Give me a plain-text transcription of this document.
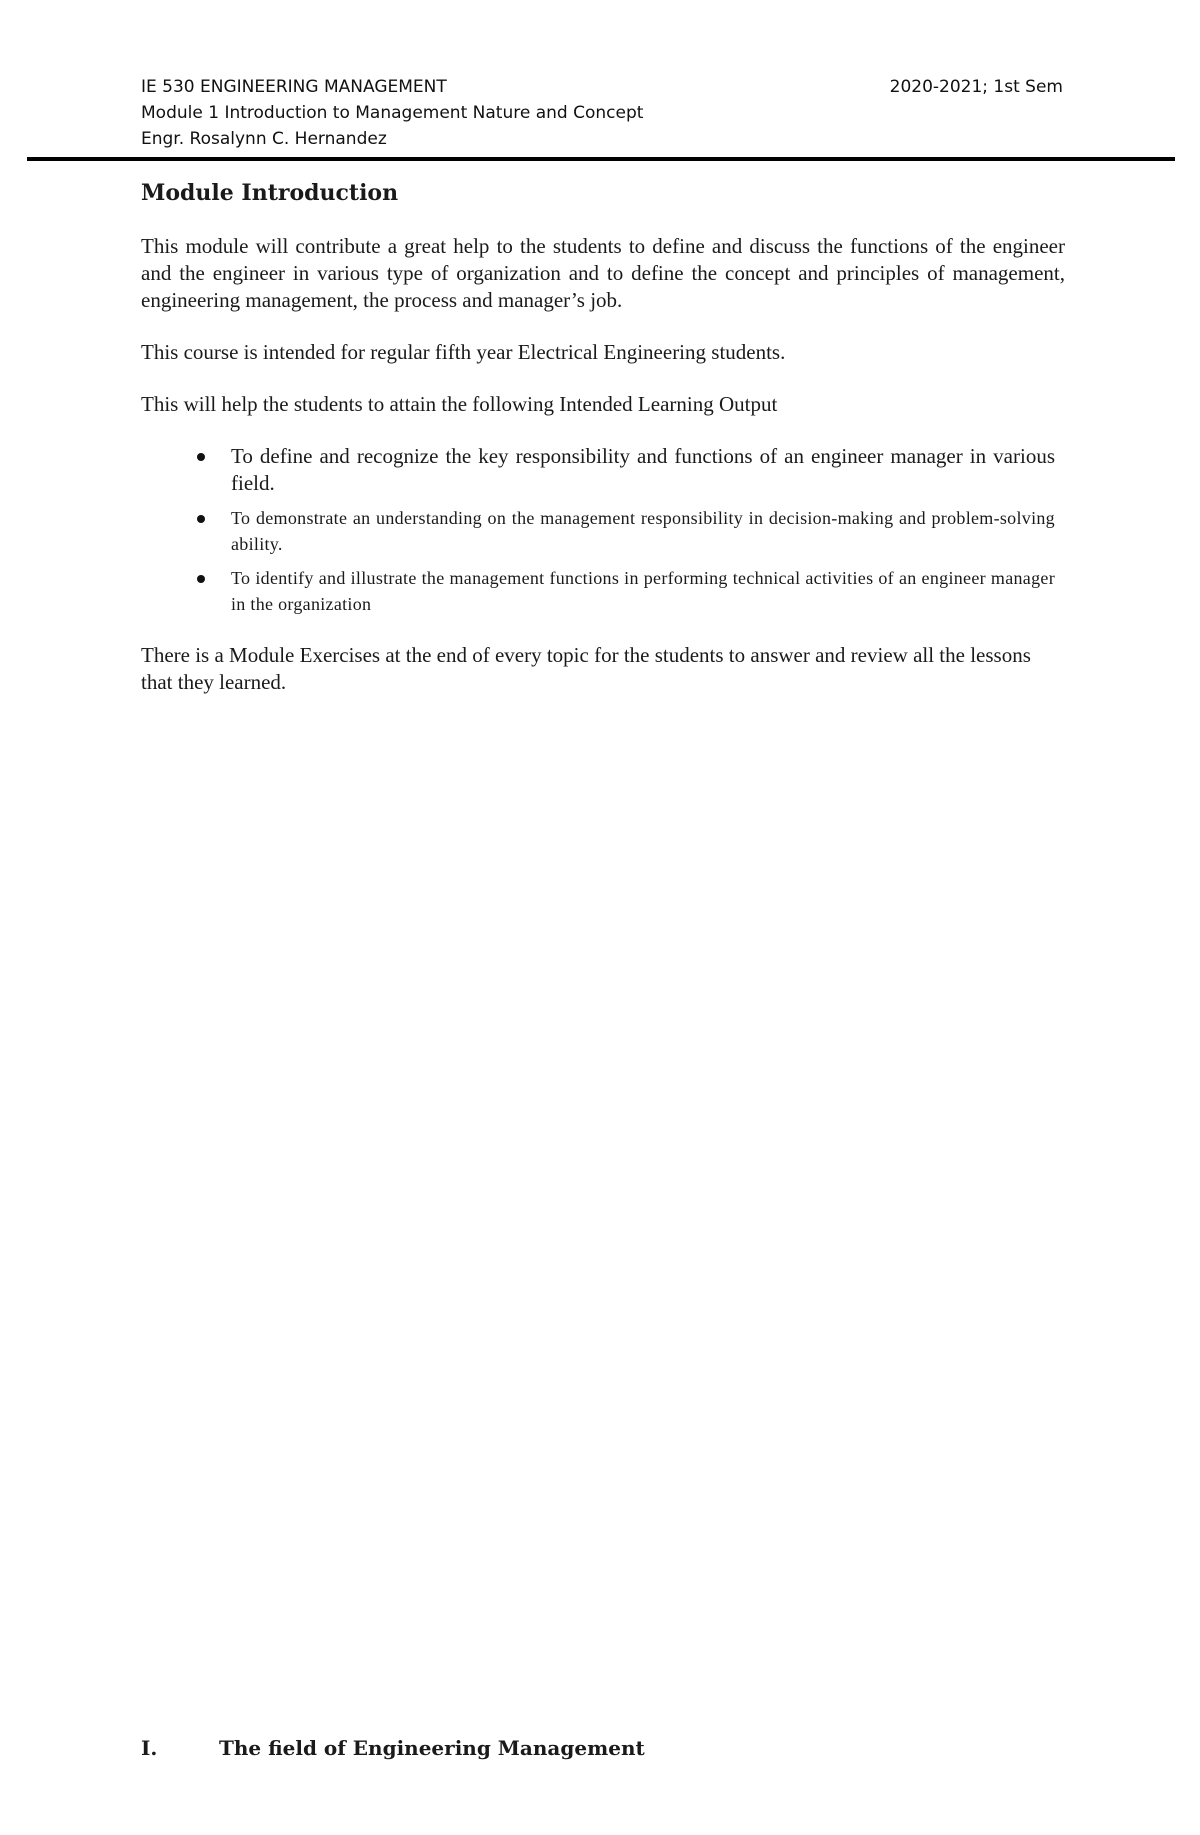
IE 530 ENGINEERING MANAGEMENT	2020-2021; 1st Sem
Module 1 Introduction to Management Nature and Concept
Engr. Rosalynn C. Hernandez
Module Introduction

This module will contribute a great help to the students to define and discuss the functions of the engineer and the engineer in various type of organization and to define the concept and principles of management, engineering management, the process and manager’s job.

This course is intended for regular fifth year Electrical Engineering students.

This will help the students to attain the following Intended Learning Output

To define and recognize the key responsibility and functions of an engineer manager in various field.
To demonstrate an understanding on the management responsibility in decision-making and problem-solving ability.
To identify and illustrate the management functions in performing technical activities of an engineer manager in the organization

There is a Module Exercises at the end of every topic for the students to answer and review all the lessons that they learned.

I.	The field of Engineering Management
